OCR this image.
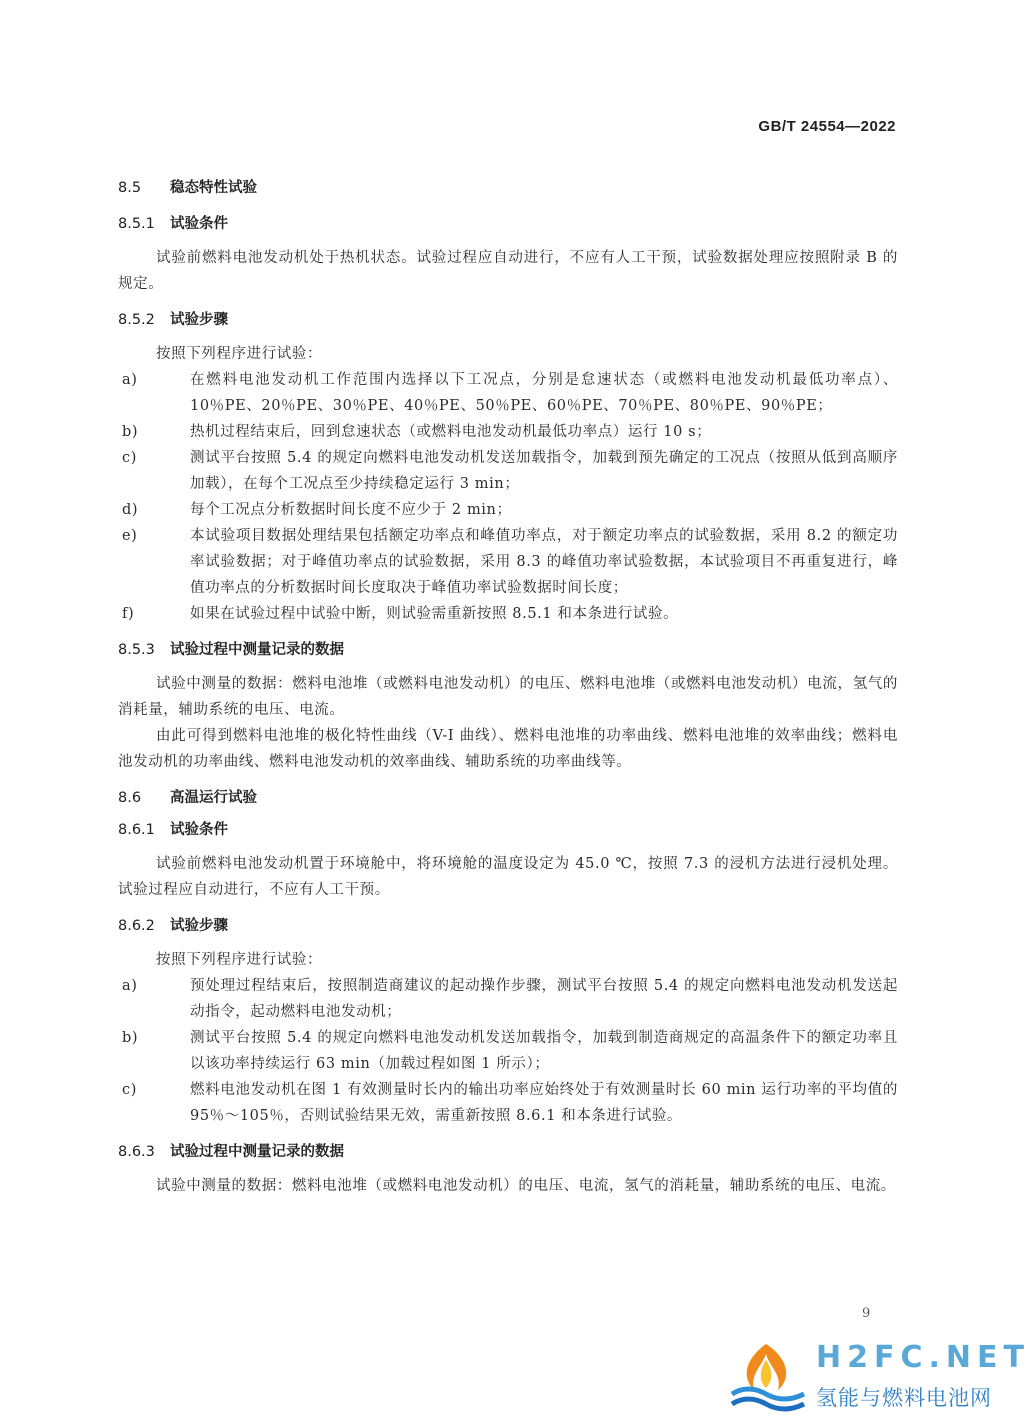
GB/T 24554—2022
8.5 稳态特性试验
8.5.1 试验条件
试验前燃料电池发动机处于热机状态。试验过程应自动进行，不应有人工干预，试验数据处理应按照附录 B 的规定。
8.5.2 试验步骤
按照下列程序进行试验：
a)	在燃料电池发动机工作范围内选择以下工况点，分别是怠速状态（或燃料电池发动机最低功率点）、10％PE、20％PE、30％PE、40％PE、50％PE、60％PE、70％PE、80％PE、90％PE；
b)	热机过程结束后，回到怠速状态（或燃料电池发动机最低功率点）运行 10 s；
c)	测试平台按照 5.4 的规定向燃料电池发动机发送加载指令，加载到预先确定的工况点（按照从低到高顺序加载），在每个工况点至少持续稳定运行 3 min；
d)	每个工况点分析数据时间长度不应少于 2 min；
e)	本试验项目数据处理结果包括额定功率点和峰值功率点，对于额定功率点的试验数据，采用 8.2 的额定功率试验数据；对于峰值功率点的试验数据，采用 8.3 的峰值功率试验数据，本试验项目不再重复进行，峰值功率点的分析数据时间长度取决于峰值功率试验数据时间长度；
f)	如果在试验过程中试验中断，则试验需重新按照 8.5.1 和本条进行试验。
8.5.3 试验过程中测量记录的数据
试验中测量的数据：燃料电池堆（或燃料电池发动机）的电压、燃料电池堆（或燃料电池发动机）电流，氢气的消耗量，辅助系统的电压、电流。
由此可得到燃料电池堆的极化特性曲线（V-I 曲线）、燃料电池堆的功率曲线、燃料电池堆的效率曲线；燃料电池发动机的功率曲线、燃料电池发动机的效率曲线、辅助系统的功率曲线等。
8.6 高温运行试验
8.6.1 试验条件
试验前燃料电池发动机置于环境舱中，将环境舱的温度设定为 45.0 ℃，按照 7.3 的浸机方法进行浸机处理。试验过程应自动进行，不应有人工干预。
8.6.2 试验步骤
按照下列程序进行试验：
a)	预处理过程结束后，按照制造商建议的起动操作步骤，测试平台按照 5.4 的规定向燃料电池发动机发送起动指令，起动燃料电池发动机；
b)	测试平台按照 5.4 的规定向燃料电池发动机发送加载指令，加载到制造商规定的高温条件下的额定功率且以该功率持续运行 63 min（加载过程如图 1 所示）；
c)	燃料电池发动机在图 1 有效测量时长内的输出功率应始终处于有效测量时长 60 min 运行功率的平均值的 95％～105％，否则试验结果无效，需重新按照 8.6.1 和本条进行试验。
8.6.3 试验过程中测量记录的数据
试验中测量的数据：燃料电池堆（或燃料电池发动机）的电压、电流，氢气的消耗量，辅助系统的电压、电流。
9
H2FC.NET
氢能与燃料电池网
